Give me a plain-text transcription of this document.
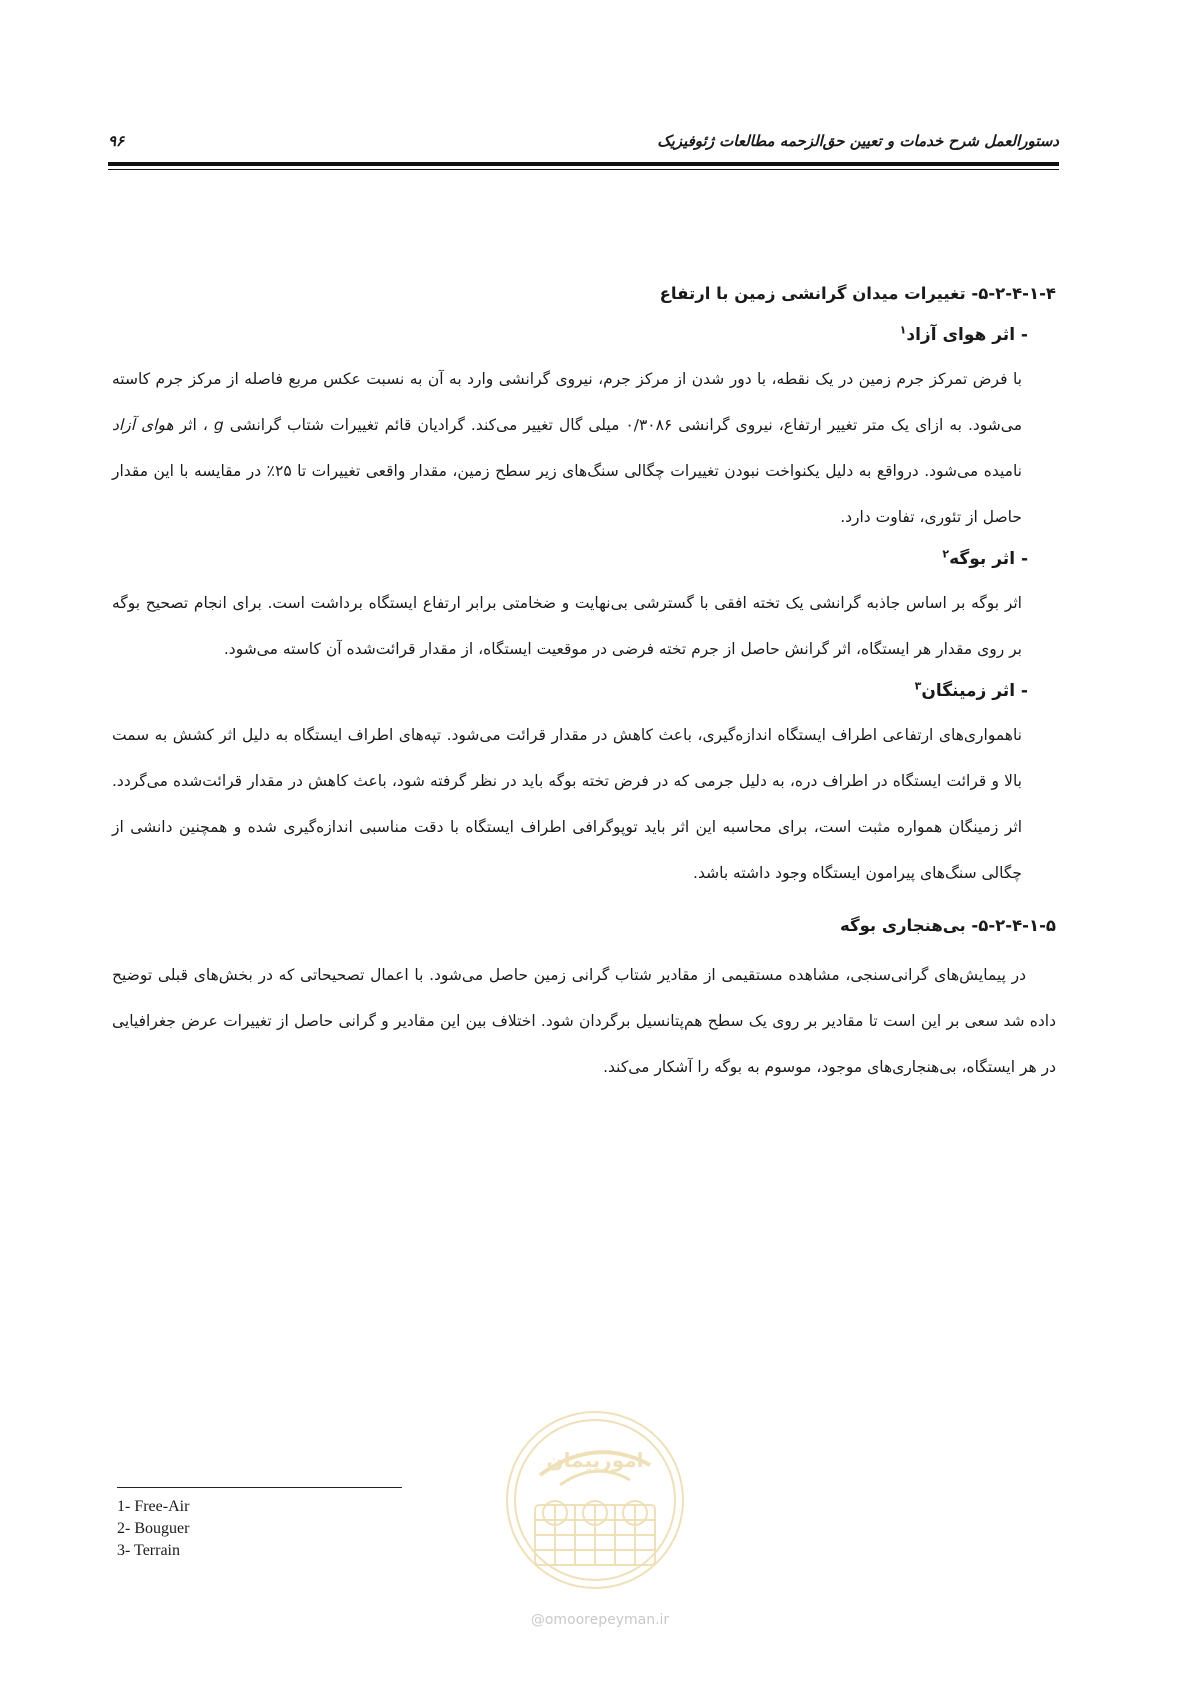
دستورالعمل شرح خدمات و تعیین حق‌الزحمه مطالعات ژئوفیزیک
۹۶
۵-۲-۴-۱-۴- تغییرات میدان گرانشی زمین با ارتفاع
- اثر هوای آزاد$^۱$

با فرض تمرکز جرم زمین در یک نقطه، با دور شدن از مرکز جرم، نیروی گرانشی وارد به آن به نسبت عکس مربع فاصله از مرکز جرم کاسته می‌شود. به ازای یک متر تغییر ارتفاع، نیروی گرانشی ۰/۳۰۸۶ میلی گال تغییر می‌کند. گرادیان قائم تغییرات شتاب گرانشی g ، اثر هوای آزاد نامیده می‌شود. درواقع به دلیل یکنواخت نبودن تغییرات چگالی سنگ‌های زیر سطح زمین، مقدار واقعی تغییرات تا ۲۵٪ در مقایسه با این مقدار حاصل از تئوری، تفاوت دارد.

- اثر بوگه$^۲$

اثر بوگه بر اساس جاذبه گرانشی یک تخته افقی با گسترشی بی‌نهایت و ضخامتی برابر ارتفاع ایستگاه برداشت است. برای انجام تصحیح بوگه بر روی مقدار هر ایستگاه، اثر گرانش حاصل از جرم تخته فرضی در موقعیت ایستگاه، از مقدار قرائت‌شده آن کاسته می‌شود.

- اثر زمینگان$^۳$

ناهمواری‌های ارتفاعی اطراف ایستگاه اندازه‌گیری، باعث کاهش در مقدار قرائت می‌شود. تپه‌های اطراف ایستگاه به دلیل اثر کشش به سمت بالا و قرائت ایستگاه در اطراف دره، به دلیل جرمی که در فرض تخته بوگه باید در نظر گرفته شود، باعث کاهش در مقدار قرائت‌شده می‌گردد. اثر زمینگان همواره مثبت است، برای محاسبه این اثر باید توپوگرافی اطراف ایستگاه با دقت مناسبی اندازه‌گیری شده و همچنین دانشی از چگالی سنگ‌های پیرامون ایستگاه وجود داشته باشد.

۵-۲-۴-۱-۵- بی‌هنجاری بوگه

در پیمایش‌های گرانی‌سنجی، مشاهده مستقیمی از مقادیر شتاب گرانی زمین حاصل می‌شود. با اعمال تصحیحاتی که در بخش‌های قبلی توضیح داده شد سعی بر این است تا مقادیر بر روی یک سطح هم‌پتانسیل برگردان شود. اختلاف بین این مقادیر و گرانی حاصل از تغییرات عرض جغرافیایی در هر ایستگاه، بی‌هنجاری‌های موجود، موسوم به بوگه را آشکار می‌کند.

امورپیمان
@omoorepeyman.ir
1- Free-Air
2- Bouguer
3- Terrain
